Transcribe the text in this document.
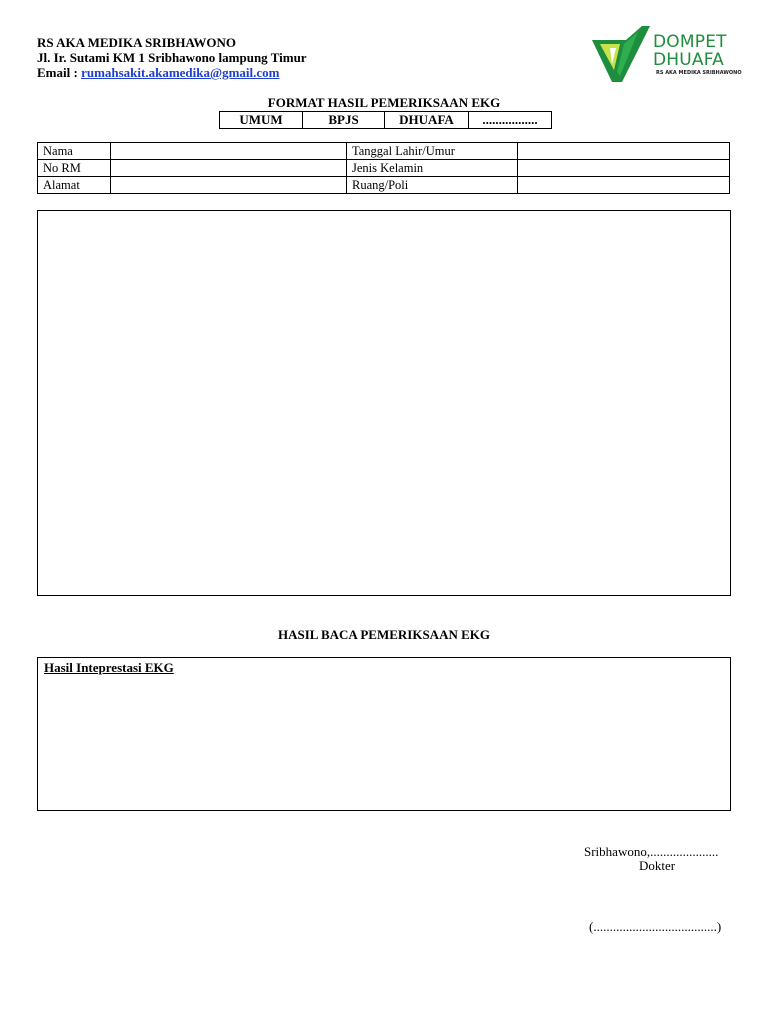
RS AKA MEDIKA SRIBHAWONO
Jl. Ir. Sutami KM 1 Sribhawono lampung Timur
Email : rumahsakit.akamedika@gmail.com
DOMPET
DHUAFA
RS AKA MEDIKA SRIBHAWONO
FORMAT HASIL PEMERIKSAAN EKG
UMUM	BPJS	DHUAFA	.................
Nama		Tanggal Lahir/Umur	
No RM		Jenis Kelamin	
Alamat		Ruang/Poli	
HASIL BACA PEMERIKSAAN EKG
Hasil Intepresta​si EKG
Sribhawono,.....................
Dokter
(......................................)
